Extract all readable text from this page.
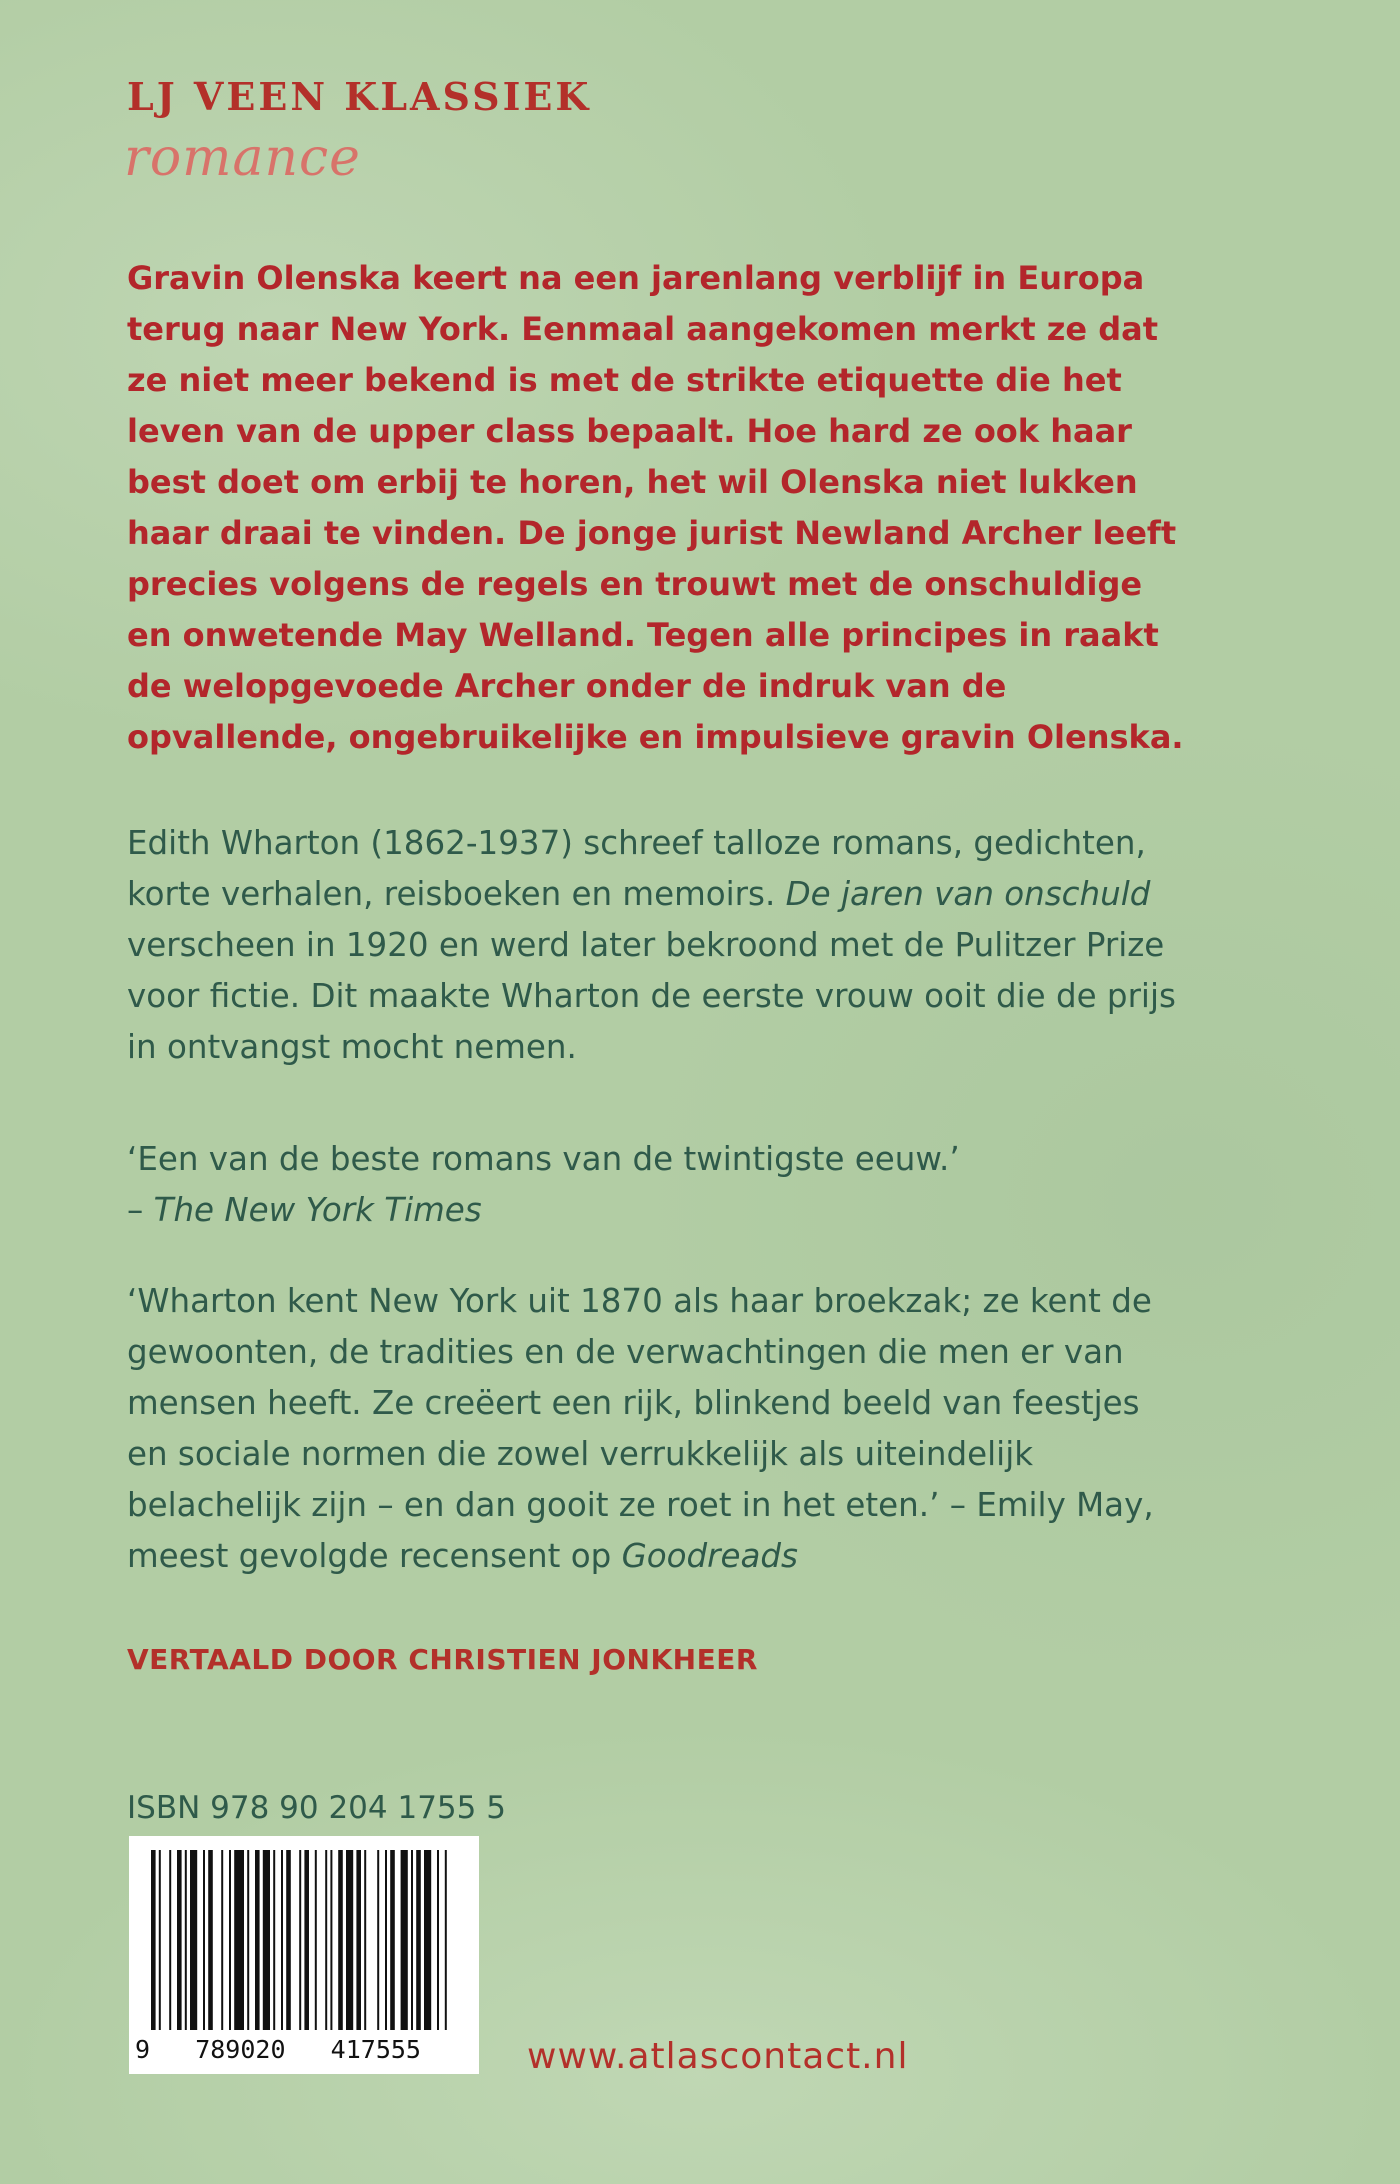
LJ VEEN KLASSIEK
romance
Gravin Olenska keert na een jarenlang verblijf in Europa terug naar New York. Eenmaal aangekomen merkt ze dat ze niet meer bekend is met de strikte etiquette die het leven van de upper class bepaalt. Hoe hard ze ook haar best doet om erbij te horen, het wil Olenska niet lukken haar draai te vinden. De jonge jurist Newland Archer leeft precies volgens de regels en trouwt met de onschuldige en onwetende May Welland. Tegen alle principes in raakt de welopgevoede Archer onder de indruk van de opvallende, ongebruikelijke en impulsieve gravin Olenska.
Edith Wharton (1862-1937) schreef talloze romans, gedichten, korte verhalen, reisboeken en memoirs. De jaren van onschuld verscheen in 1920 en werd later bekroond met de Pulitzer Prize voor fictie. Dit maakte Wharton de eerste vrouw ooit die de prijs in ontvangst mocht nemen.
‘Een van de beste romans van de twintigste eeuw.’
– The New York Times
‘Wharton kent New York uit 1870 als haar broekzak; ze kent de gewoonten, de tradities en de verwachtingen die men er van mensen heeft. Ze creëert een rijk, blinkend beeld van feestjes en sociale normen die zowel verrukkelijk als uiteindelijk belachelijk zijn – en dan gooit ze roet in het eten.’ – Emily May, meest gevolgde recensent op Goodreads
VERTAALD DOOR CHRISTIEN JONKHEER
ISBN 978 90 204 1755 5
9   789020   417555	www.atlascontact.nl
